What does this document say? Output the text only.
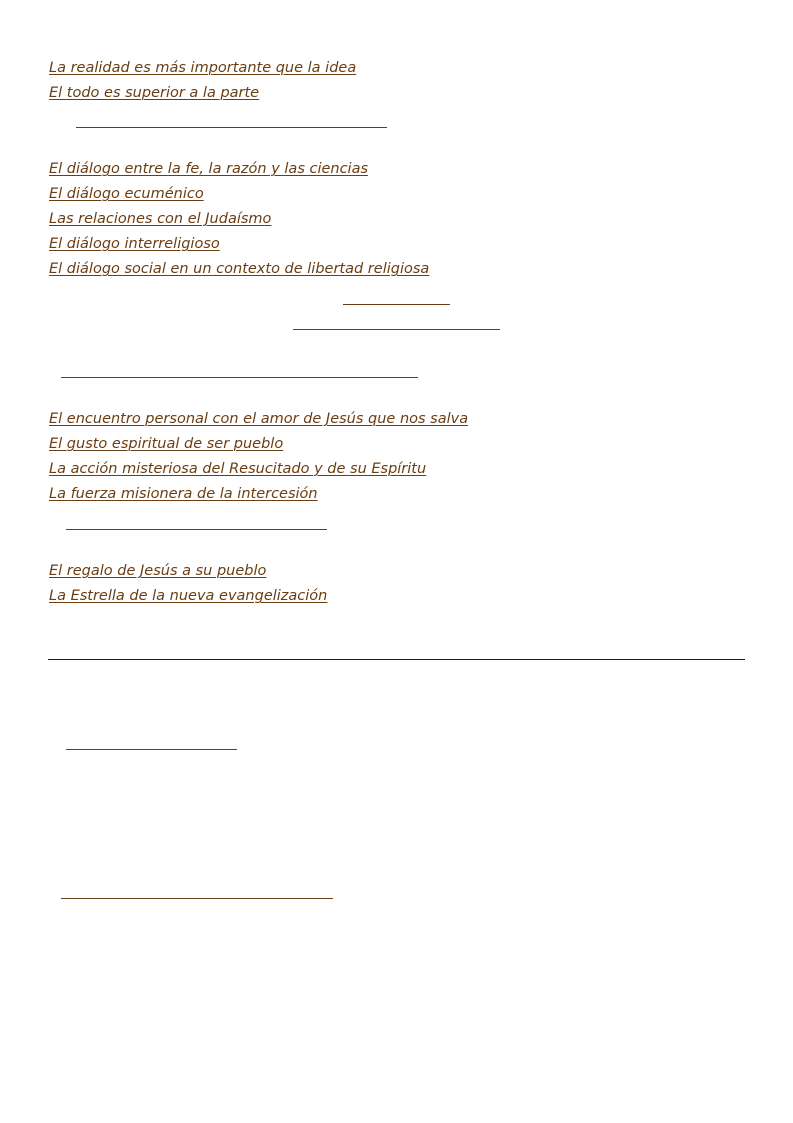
La realidad es más importante que la idea
El todo es superior a la parte
El diálogo entre la fe, la razón y las ciencias
El diálogo ecuménico
Las relaciones con el Judaísmo
El diálogo interreligioso
El diálogo social en un contexto de libertad religiosa
El encuentro personal con el amor de Jesús que nos salva
El gusto espiritual de ser pueblo
La acción misteriosa del Resucitado y de su Espíritu
La fuerza misionera de la intercesión
El regalo de Jesús a su pueblo
La Estrella de la nueva evangelización
